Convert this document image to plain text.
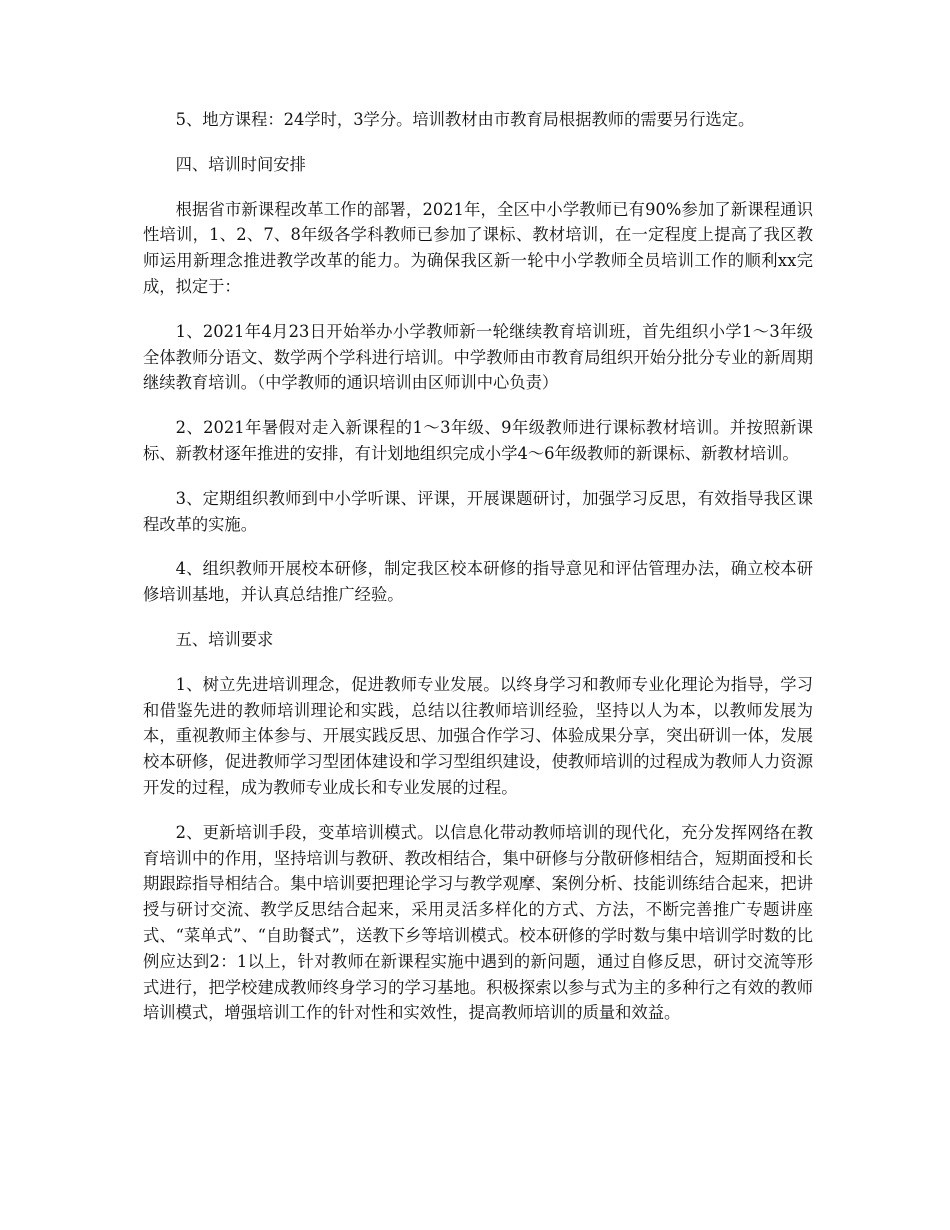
5、地方课程：24学时，3学分。培训教材由市教育局根据教师的需要另行选定。

四、培训时间安排

根据省市新课程改革工作的部署，2021年，全区中小学教师已有90%参加了新课程通识性培训，1、2、7、8年级各学科教师已参加了课标、教材培训，在一定程度上提高了我区教师运用新理念推进教学改革的能力。为确保我区新一轮中小学教师全员培训工作的顺利xx完成，拟定于：

1、2021年4月23日开始举办小学教师新一轮继续教育培训班，首先组织小学1～3年级全体教师分语文、数学两个学科进行培训。中学教师由市教育局组织开始分批分专业的新周期继续教育培训。（中学教师的通识培训由区师训中心负责）

2、2021年暑假对走入新课程的1～3年级、9年级教师进行课标教材培训。并按照新课标、新教材逐年推进的安排，有计划地组织完成小学4～6年级教师的新课标、新教材培训。

3、定期组织教师到中小学听课、评课，开展课题研讨，加强学习反思，有效指导我区课程改革的实施。

4、组织教师开展校本研修，制定我区校本研修的指导意见和评估管理办法，确立校本研修培训基地，并认真总结推广经验。

五、培训要求

1、树立先进培训理念，促进教师专业发展。以终身学习和教师专业化理论为指导，学习和借鉴先进的教师培训理论和实践，总结以往教师培训经验，坚持以人为本，以教师发展为本，重视教师主体参与、开展实践反思、加强合作学习、体验成果分享，突出研训一体，发展校本研修，促进教师学习型团体建设和学习型组织建设，使教师培训的过程成为教师人力资源开发的过程，成为教师专业成长和专业发展的过程。

2、更新培训手段，变革培训模式。以信息化带动教师培训的现代化，充分发挥网络在教育培训中的作用，坚持培训与教研、教改相结合，集中研修与分散研修相结合，短期面授和长期跟踪指导相结合。集中培训要把理论学习与教学观摩、案例分析、技能训练结合起来，把讲授与研讨交流、教学反思结合起来，采用灵活多样化的方式、方法，不断完善推广专题讲座式、“菜单式”、“自助餐式”，送教下乡等培训模式。校本研修的学时数与集中培训学时数的比例应达到2：1以上，针对教师在新课程实施中遇到的新问题，通过自修反思，研讨交流等形式进行，把学校建成教师终身学习的学习基地。积极探索以参与式为主的多种行之有效的教师培训模式，增强培训工作的针对性和实效性，提高教师培训的质量和效益。
